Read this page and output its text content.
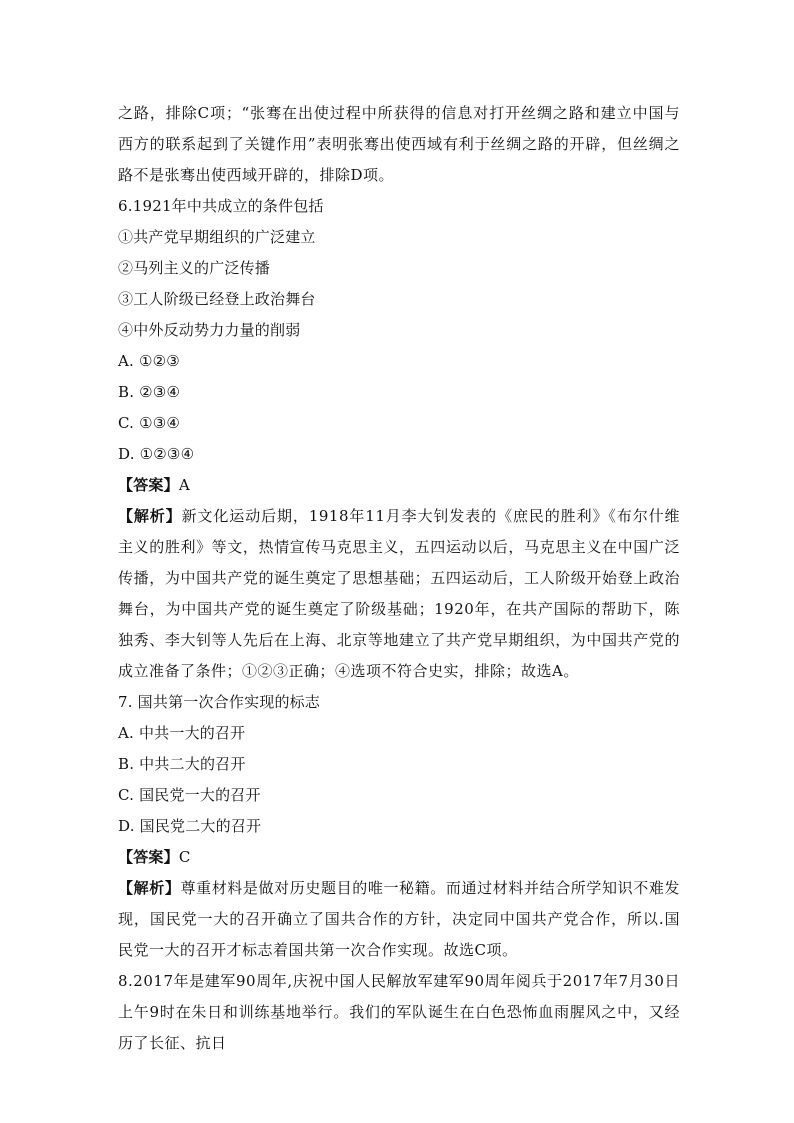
之路，排除C项；“张骞在出使过程中所获得的信息对打开丝绸之路和建立中国与西方的联系起到了关键作用”表明张骞出使西域有利于丝绸之路的开辟，但丝绸之路不是张骞出使西域开辟的，排除D项。
6.1921年中共成立的条件包括
①共产党早期组织的广泛建立
②马列主义的广泛传播
③工人阶级已经登上政治舞台
④中外反动势力力量的削弱
A. ①②③
B. ②③④
C. ①③④
D. ①②③④
【答案】A
【解析】新文化运动后期，1918年11月李大钊发表的《庶民的胜利》《布尔什维主义的胜利》等文，热情宣传马克思主义，五四运动以后，马克思主义在中国广泛传播，为中国共产党的诞生奠定了思想基础；五四运动后，工人阶级开始登上政治舞台，为中国共产党的诞生奠定了阶级基础；1920年，在共产国际的帮助下，陈独秀、李大钊等人先后在上海、北京等地建立了共产党早期组织，为中国共产党的成立准备了条件；①②③正确；④选项不符合史实，排除；故选A。
7. 国共第一次合作实现的标志
A. 中共一大的召开
B. 中共二大的召开
C. 国民党一大的召开
D. 国民党二大的召开
【答案】C
【解析】尊重材料是做对历史题目的唯一秘籍。而通过材料并结合所学知识不难发现，国民党一大的召开确立了国共合作的方针，决定同中国共产党合作，所以.国民党一大的召开才标志着国共第一次合作实现。故选C项。
8.2017年是建军90周年,庆祝中国人民解放军建军90周年阅兵于2017年7月30日上午9时在朱日和训练基地举行。我们的军队诞生在白色恐怖血雨腥风之中，又经历了长征、抗日
